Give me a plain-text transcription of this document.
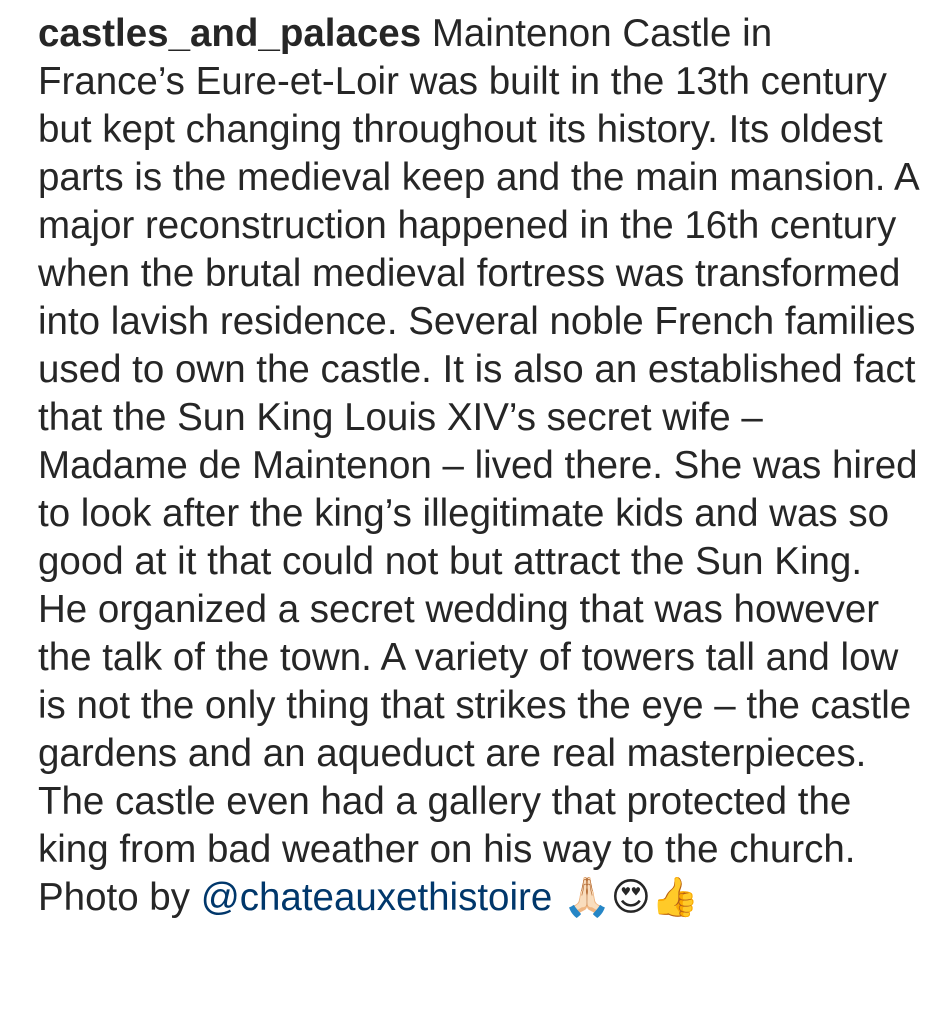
castles_and_palaces Maintenon Castle in France’s Eure-et-Loir was built in the 13th century but kept changing throughout its history. Its oldest parts is the medieval keep and the main mansion. A major reconstruction happened in the 16th century when the brutal medieval fortress was transformed into lavish residence. Several noble French families used to own the castle. It is also an established fact that the Sun King Louis XIV’s secret wife – Madame de Maintenon – lived there. She was hired to look after the king’s illegitimate kids and was so good at it that could not but attract the Sun King. He organized a secret wedding that was however the talk of the town. A variety of towers tall and low is not the only thing that strikes the eye – the castle gardens and an aqueduct are real masterpieces. The castle even had a gallery that protected the king from bad weather on his way to the church. Photo by @chateauxethistoire 🙏🏻😍👍
